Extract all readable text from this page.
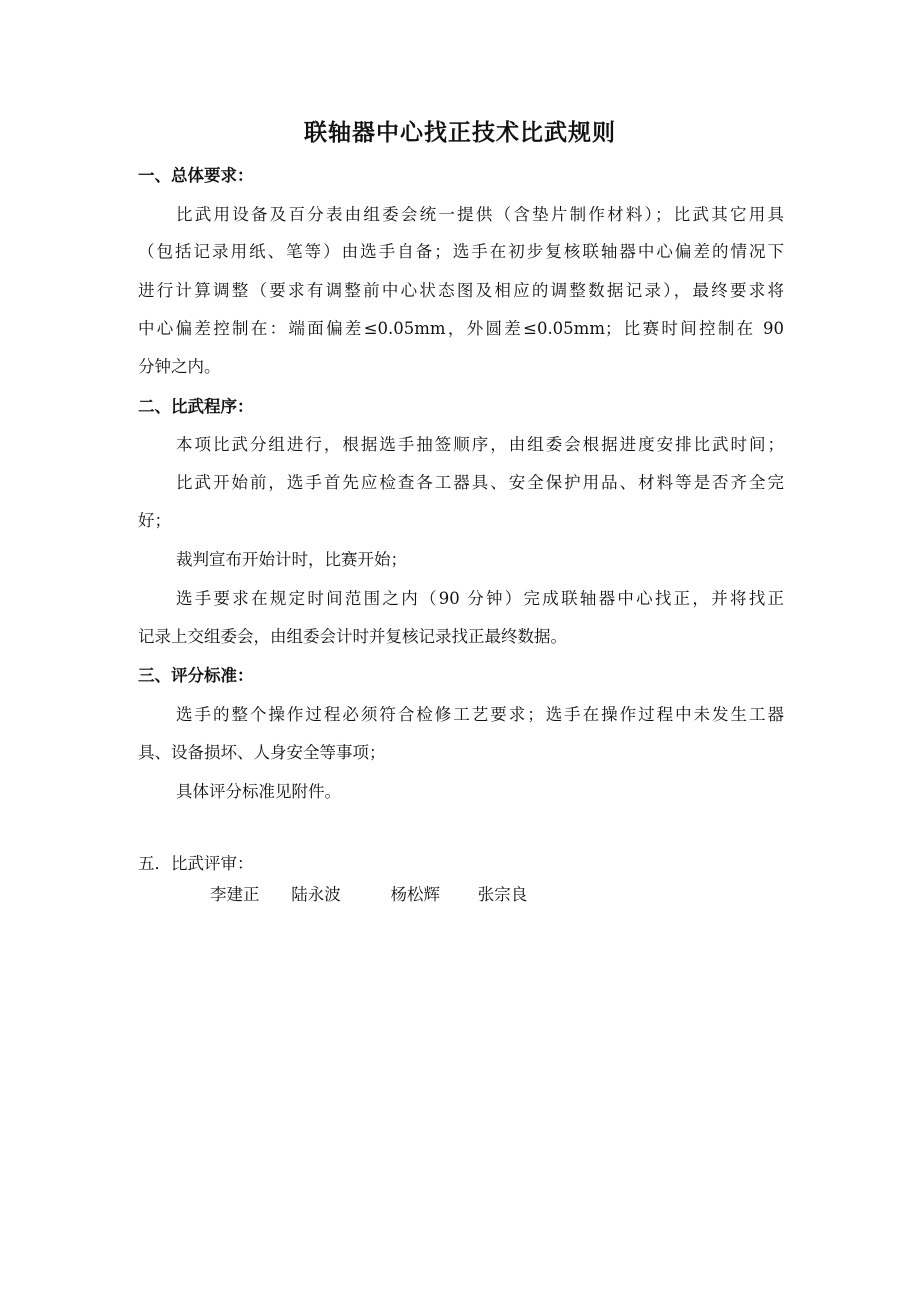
联轴器中心找正技术比武规则

一、总体要求：

比武用设备及百分表由组委会统一提供（含垫片制作材料）；比武其它用具

（包括记录用纸、笔等）由选手自备；选手在初步复核联轴器中心偏差的情况下

进行计算调整（要求有调整前中心状态图及相应的调整数据记录），最终要求将

中心偏差控制在：端面偏差≤0.05mm，外圆差≤0.05mm；比赛时间控制在 90

分钟之内。

二、比武程序：

本项比武分组进行，根据选手抽签顺序，由组委会根据进度安排比武时间；

比武开始前，选手首先应检查各工器具、安全保护用品、材料等是否齐全完

好；

裁判宣布开始计时，比赛开始；

选手要求在规定时间范围之内（90 分钟）完成联轴器中心找正，并将找正

记录上交组委会，由组委会计时并复核记录找正最终数据。

三、评分标准：

选手的整个操作过程必须符合检修工艺要求；选手在操作过程中未发生工器

具、设备损坏、人身安全等事项；

具体评分标准见附件。

五．比武评审：

李建正 陆永波	杨松辉 张宗良
